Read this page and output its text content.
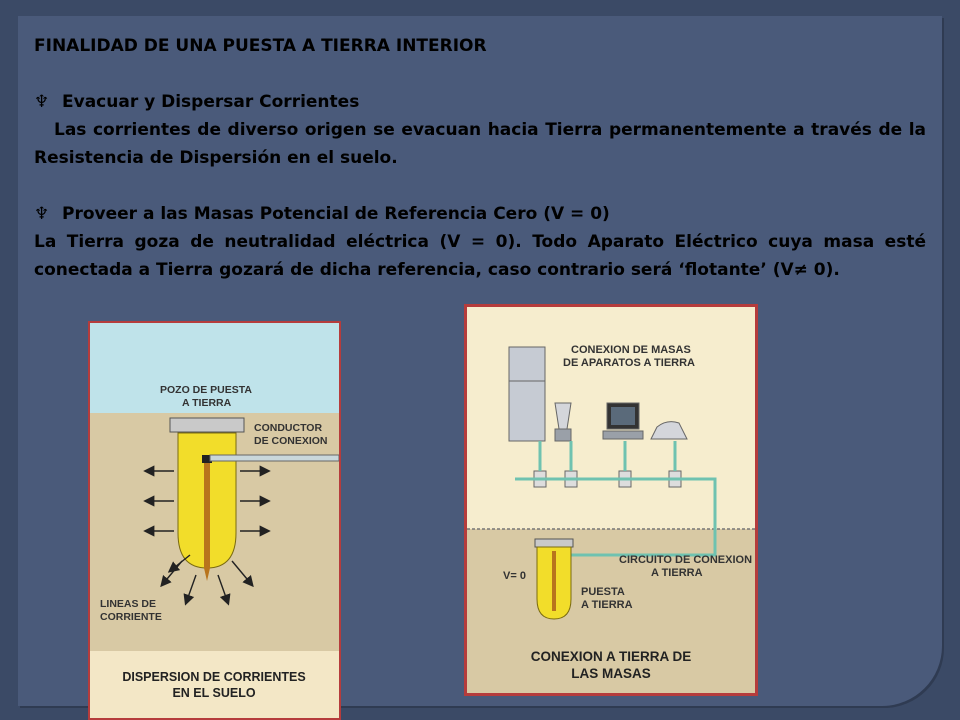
FINALIDAD DE UNA PUESTA A TIERRA INTERIOR

♆ Evacuar y Dispersar Corrientes

Las corrientes de diverso origen se evacuan hacia Tierra permanentemente a través de la Resistencia de Dispersión en el suelo.

♆ Proveer a las Masas Potencial de Referencia Cero (V = 0)

La Tierra goza de neutralidad eléctrica (V = 0). Todo Aparato Eléctrico cuya masa esté conectada a Tierra gozará de dicha referencia, caso contrario será ‘flotante’ (V≠ 0).

POZO DE PUESTA A TIERRA
CONDUCTOR DE CONEXION
LINEAS DE CORRIENTE
DISPERSION DE CORRIENTES EN EL SUELO
CONEXION DE MASAS DE APARATOS A TIERRA
CIRCUITO DE CONEXION A TIERRA
V= 0
PUESTA A TIERRA
CONEXION A TIERRA DE LAS MASAS
